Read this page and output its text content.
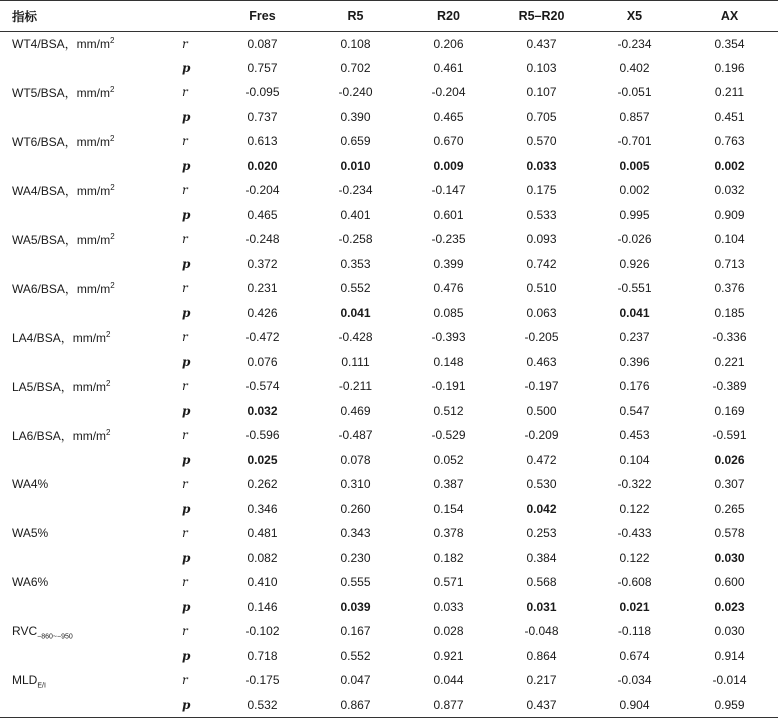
指标		Fres	R5	R20	R5–R20	X5	AX
WT4/BSA，$mm/m^2$	r	0.087	0.108	0.206	0.437	-0.234	0.354
	p	0.757	0.702	0.461	0.103	0.402	0.196
WT5/BSA，$mm/m^2$	r	-0.095	-0.240	-0.204	0.107	-0.051	0.211
	p	0.737	0.390	0.465	0.705	0.857	0.451
WT6/BSA，$mm/m^2$	r	0.613	0.659	0.670	0.570	-0.701	0.763
	p	0.020	0.010	0.009	0.033	0.005	0.002
WA4/BSA，$mm/m^2$	r	-0.204	-0.234	-0.147	0.175	0.002	0.032
	p	0.465	0.401	0.601	0.533	0.995	0.909
WA5/BSA，$mm/m^2$	r	-0.248	-0.258	-0.235	0.093	-0.026	0.104
	p	0.372	0.353	0.399	0.742	0.926	0.713
WA6/BSA，$mm/m^2$	r	0.231	0.552	0.476	0.510	-0.551	0.376
	p	0.426	0.041	0.085	0.063	0.041	0.185
LA4/BSA，$mm/m^2$	r	-0.472	-0.428	-0.393	-0.205	0.237	-0.336
	p	0.076	0.111	0.148	0.463	0.396	0.221
LA5/BSA，$mm/m^2$	r	-0.574	-0.211	-0.191	-0.197	0.176	-0.389
	p	0.032	0.469	0.512	0.500	0.547	0.169
LA6/BSA，$mm/m^2$	r	-0.596	-0.487	-0.529	-0.209	0.453	-0.591
	p	0.025	0.078	0.052	0.472	0.104	0.026
WA4%	r	0.262	0.310	0.387	0.530	-0.322	0.307
	p	0.346	0.260	0.154	0.042	0.122	0.265
WA5%	r	0.481	0.343	0.378	0.253	-0.433	0.578
	p	0.082	0.230	0.182	0.384	0.122	0.030
WA6%	r	0.410	0.555	0.571	0.568	-0.608	0.600
	p	0.146	0.039	0.033	0.031	0.021	0.023
$RVC_{-860\sim-950}$	r	-0.102	0.167	0.028	-0.048	-0.118	0.030
	p	0.718	0.552	0.921	0.864	0.674	0.914
$MLD_{E/I}$	r	-0.175	0.047	0.044	0.217	-0.034	-0.014
	p	0.532	0.867	0.877	0.437	0.904	0.959
